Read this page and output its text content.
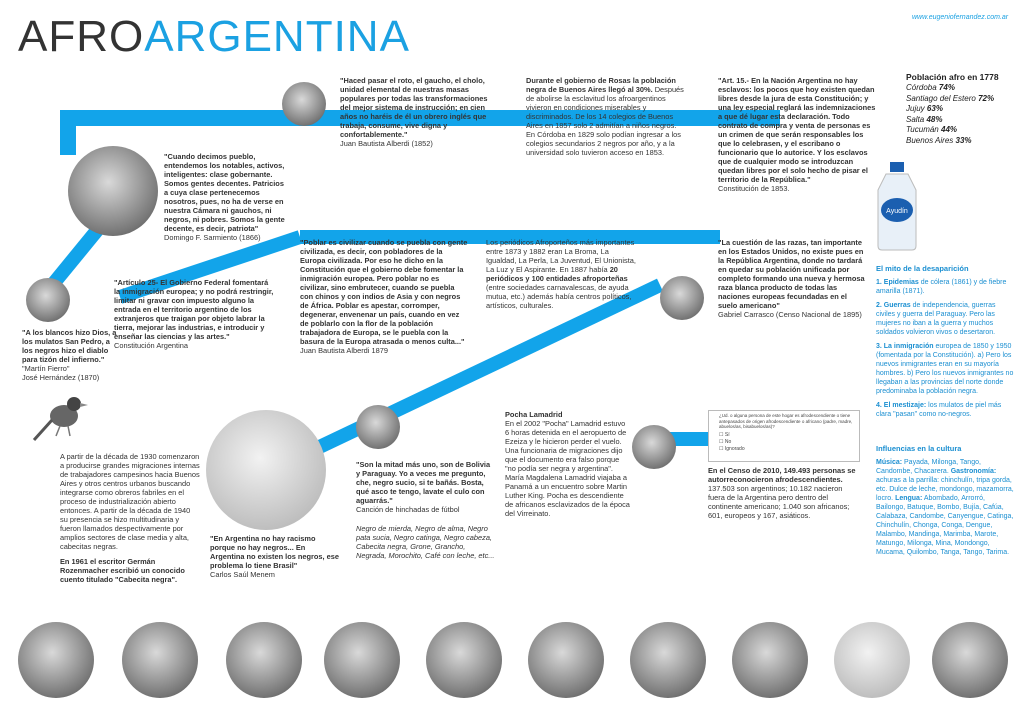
AFROARGENTINA	www.eugeniofernandez.com.ar

"Haced pasar el roto, el gaucho, el cholo, unidad elemental de nuestras masas populares por todas las transformaciones del mejor sistema de instrucción; en cien años no haréis de él un obrero inglés que trabaja, consume, vive digna y confortablemente."

Juan Bautista Alberdi (1852)

Durante el gobierno de Rosas la población negra de Buenos Aires llegó al 30%. Después de abolirse la esclavitud los afroargentinos vivieron en condiciones miserables y discriminados. De los 14 colegios de Buenos Aires en 1857 solo 2 admitían a niños negros. En Córdoba en 1829 solo podían ingresar a los colegios secundarios 2 negros por año, y a la universidad solo tuvieron acceso en 1853.

"Art. 15.- En la Nación Argentina no hay esclavos: los pocos que hoy existen quedan libres desde la jura de esta Constitución; y una ley especial reglará las indemnizaciones a que dé lugar esta declaración. Todo contrato de compra y venta de personas es un crimen de que serán responsables los que lo celebrasen, y el escribano o funcionario que lo autorice. Y los esclavos que de cualquier modo se introduzcan quedan libres por el solo hecho de pisar el territorio de la República."

Constitución de 1853.

Población afro en 1778
Córdoba 74%
Santiago del Estero 72%
Jujuy 63%
Salta 48%
Tucumán 44%
Buenos Aires 33%
Ayudín

"Cuando decimos pueblo, entendemos los notables, activos, inteligentes: clase gobernante. Somos gentes decentes. Patricios a cuya clase pertenecemos nosotros, pues, no ha de verse en nuestra Cámara ni gauchos, ni negros, ni pobres. Somos la gente decente, es decir, patriota"

Domingo F. Sarmiento (1866)

"Poblar es civilizar cuando se puebla con gente civilizada, es decir, con pobladores de la Europa civilizada. Por eso he dicho en la Constitución que el gobierno debe fomentar la inmigración europea. Pero poblar no es civilizar, sino embrutecer, cuando se puebla con chinos y con indios de Asia y con negros de África. Poblar es apestar, corromper, degenerar, envenenar un país, cuando en vez de poblarlo con la flor de la población trabajadora de Europa, se le puebla con la basura de la Europa atrasada o menos culta..."

Juan Bautista Alberdi 1879

Los periódicos Afroporteños más importantes entre 1873 y 1882 eran La Broma, La Igualdad, La Perla, La Juventud, El Unionista, La Luz y El Aspirante. En 1887 había 20 periódicos y 100 entidades afroporteñas (entre sociedades carnavalescas, de ayuda mutua, etc.) además había centros políticos, artísticos, culturales.

"La cuestión de las razas, tan importante en los Estados Unidos, no existe pues en la República Argentina, donde no tardará en quedar su población unificada por completo formando una nueva y hermosa raza blanca producto de todas las naciones europeas fecundadas en el suelo americano"

Gabriel Carrasco (Censo Nacional de 1895)

"A los blancos hizo Dios, a los mulatos San Pedro, a los negros hizo el diablo para tizón del infierno."

"Martín Fierro"

José Hernández (1870)

"Artículo 25- El Gobierno Federal fomentará la inmigración europea; y no podrá restringir, limitar ni gravar con impuesto alguno la entrada en el territorio argentino de los extranjeros que traigan por objeto labrar la tierra, mejorar las industrias, e introducir y enseñar las ciencias y las artes."

Constitución Argentina

El mito de la desaparición
1. Epidemias de cólera (1861) y de fiebre amarilla (1871).
2. Guerras de independencia, guerras civiles y guerra del Paraguay. Pero las mujeres no iban a la guerra y muchos soldados volvieron vivos o desertaron.
3. La inmigración europea de 1850 y 1950 (fomentada por la Constitución). a) Pero los nuevos inmigrantes eran en su mayoría hombres. b) Pero los nuevos inmigrantes no llegaban a las provincias del norte donde predominaba la población negra.
4. El mestizaje: los mulatos de piel más clara "pasan" como no-negros.

A partir de la década de 1930 comenzaron a producirse grandes migraciones internas de trabajadores campesinos hacia Buenos Aires y otros centros urbanos buscando integrarse como obreros fabriles en el proceso de industrialización abierto entonces. A partir de la década de 1940 su presencia se hizo multitudinaria y fueron llamados despectivamente por amplios sectores de clase media y alta, cabecitas negras.

En 1961 el escritor Germán Rozenmacher escribió un conocido cuento titulado "Cabecita negra".

"En Argentina no hay racismo porque no hay negros... En Argentina no existen los negros, ese problema lo tiene Brasil"

Carlos Saúl Menem

"Son la mitad más uno, son de Bolivia y Paraguay. Yo a veces me pregunto, che, negro sucio, si te bañás. Bosta, qué asco te tengo, lavate el culo con aguarrás."

Canción de hinchadas de fútbol

Negro de mierda, Negro de alma, Negro pata sucia, Negro catinga, Negro cabeza, Cabecita negra, Grone, Grancho, Negrada, Morochito, Café con leche, etc...

Pocha Lamadrid

En el 2002 "Pocha" Lamadrid estuvo 6 horas detenida en el aeropuerto de Ezeiza y le hicieron perder el vuelo. Una funcionaria de migraciones dijo que el documento era falso porque "no podía ser negra y argentina". María Magdalena Lamadrid viajaba a Panamá a un encuentro sobre Martin Luther King. Pocha es descendiente de africanos esclavizados de la época del Virreinato.

¿Ud. o alguna persona de este hogar es afrodescendiente o tiene antepasados de origen afrodescendiente o africano (padre, madre, abuelos/as, bisabuelos/as)?
☐ Sí
☐ No
☐ Ignorado

En el Censo de 2010, 149.493 personas se autorreconocieron afrodescendientes. 137.503 son argentinos; 10.182 nacieron fuera de la Argentina pero dentro del continente americano; 1.040 son africanos; 601, europeos y 167, asiáticos.

Influencias en la cultura

Música: Payada, Milonga, Tango, Candombe, Chacarera. Gastronomía: achuras a la parrilla: chinchulín, tripa gorda, etc. Dulce de leche, mondongo, mazamorra, locro. Lengua: Abombado, Arrorró, Bailongo, Batuque, Bombo, Bujía, Cafúa, Calabaza, Candombe, Canyengue, Catinga, Chinchulín, Chonga, Conga, Dengue, Malambo, Mandinga, Marimba, Marote, Matungo, Milonga, Mina, Mondongo, Mucama, Quilombo, Tanga, Tango, Tarima.
